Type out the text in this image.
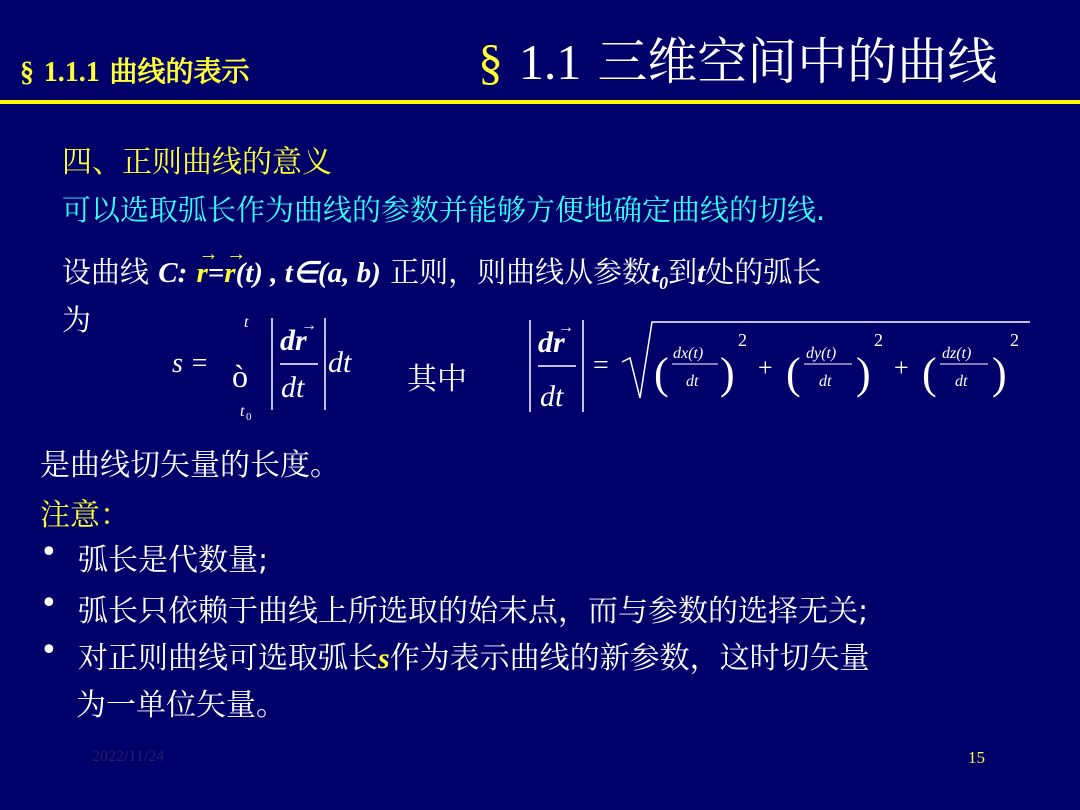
§ 1.1.1 曲线的表示	§ 1.1 三维空间中的曲线
四、正则曲线的意义
可以选取弧长作为曲线的参数并能够方便地确定曲线的切线.
设曲线 C:
→
r=
→
r(t) , t∈(a, b) 正则，则曲线从参数$t_0$到t处的弧长
为
s = ò
t
t 0
dr
→
dt
dt 其中
dr
→
dt
= ( dx(t)
dt )
2
+ ( dy(t)
dt )
2
+ ( dz(t)
dt )
2
是曲线切矢量的长度。
注意：
• 弧长是代数量;
• 弧长只依赖于曲线上所选取的始末点，而与参数的选择无关;
• 对正则曲线可选取弧长s作为表示曲线的新参数，这时切矢量
为一单位矢量。
2022/11/24	15
